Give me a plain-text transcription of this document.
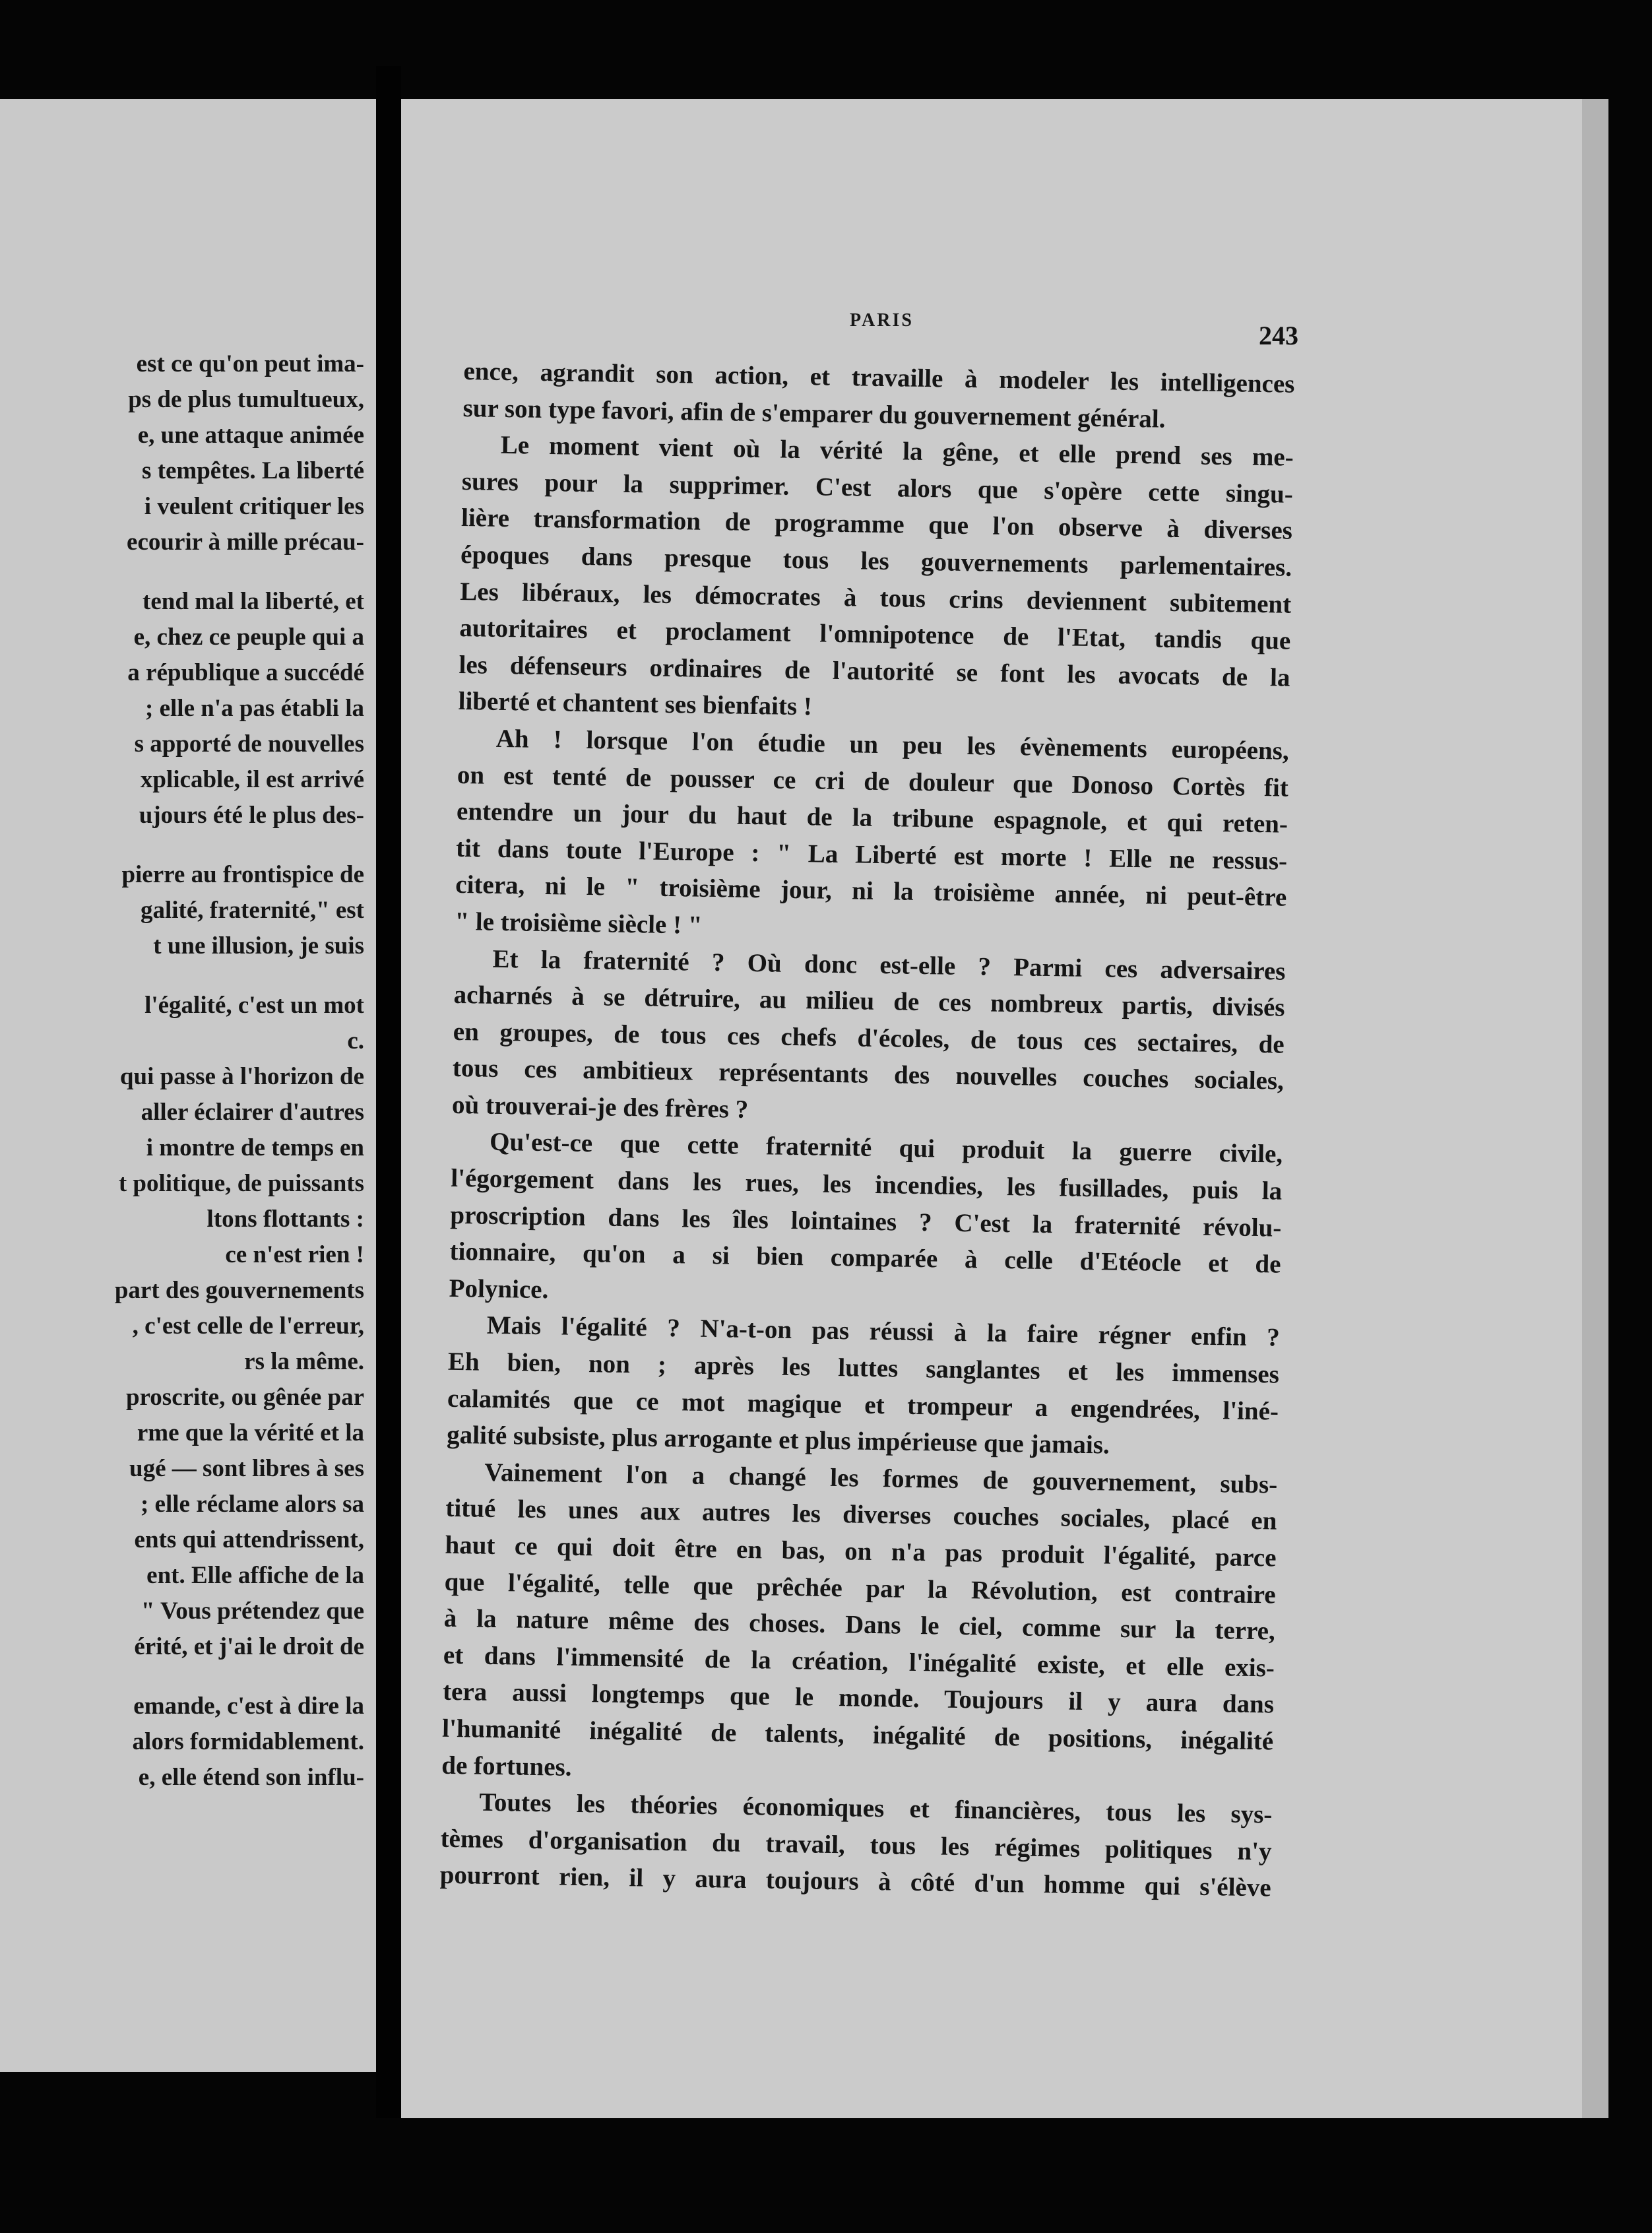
est ce qu'on peut ima-
ps de plus tumultueux,
e, une attaque animée
s tempêtes. La liberté
i veulent critiquer les
ecourir à mille précau-
tend mal la liberté, et
e, chez ce peuple qui a
a république a succédé
; elle n'a pas établi la
s apporté de nouvelles
xplicable, il est arrivé
ujours été le plus des-
pierre au frontispice de
galité, fraternité," est
t une illusion, je suis
l'égalité, c'est un mot
c.
qui passe à l'horizon de
aller éclairer d'autres
i montre de temps en
t politique, de puissants
ltons flottants :
ce n'est rien !
part des gouvernements
, c'est celle de l'erreur,
rs la même.
proscrite, ou gênée par
rme que la vérité et la
ugé — sont libres à ses
; elle réclame alors sa
ents qui attendrissent,
ent. Elle affiche de la
" Vous prétendez que
érité, et j'ai le droit de
emande, c'est à dire la
alors formidablement.
e, elle étend son influ-
PARIS
243
ence, agrandit son action, et travaille à modeler les intelligences
sur son type favori, afin de s'emparer du gouvernement général.
Le moment vient où la vérité la gêne, et elle prend ses me-
sures pour la supprimer. C'est alors que s'opère cette singu-
lière transformation de programme que l'on observe à diverses
époques dans presque tous les gouvernements parlementaires.
Les libéraux, les démocrates à tous crins deviennent subitement
autoritaires et proclament l'omnipotence de l'Etat, tandis que
les défenseurs ordinaires de l'autorité se font les avocats de la
liberté et chantent ses bienfaits !
Ah ! lorsque l'on étudie un peu les évènements européens,
on est tenté de pousser ce cri de douleur que Donoso Cortès fit
entendre un jour du haut de la tribune espagnole, et qui reten-
tit dans toute l'Europe : " La Liberté est morte ! Elle ne ressus-
citera, ni le " troisième jour, ni la troisième année, ni peut-être
" le troisième siècle ! "
Et la fraternité ? Où donc est-elle ? Parmi ces adversaires
acharnés à se détruire, au milieu de ces nombreux partis, divisés
en groupes, de tous ces chefs d'écoles, de tous ces sectaires, de
tous ces ambitieux représentants des nouvelles couches sociales,
où trouverai-je des frères ?
Qu'est-ce que cette fraternité qui produit la guerre civile,
l'égorgement dans les rues, les incendies, les fusillades, puis la
proscription dans les îles lointaines ? C'est la fraternité révolu-
tionnaire, qu'on a si bien comparée à celle d'Etéocle et de
Polynice.
Mais l'égalité ? N'a-t-on pas réussi à la faire régner enfin ?
Eh bien, non ; après les luttes sanglantes et les immenses
calamités que ce mot magique et trompeur a engendrées, l'iné-
galité subsiste, plus arrogante et plus impérieuse que jamais.
Vainement l'on a changé les formes de gouvernement, subs-
titué les unes aux autres les diverses couches sociales, placé en
haut ce qui doit être en bas, on n'a pas produit l'égalité, parce
que l'égalité, telle que prêchée par la Révolution, est contraire
à la nature même des choses. Dans le ciel, comme sur la terre,
et dans l'immensité de la création, l'inégalité existe, et elle exis-
tera aussi longtemps que le monde. Toujours il y aura dans
l'humanité inégalité de talents, inégalité de positions, inégalité
de fortunes.
Toutes les théories économiques et financières, tous les sys-
tèmes d'organisation du travail, tous les régimes politiques n'y
pourront rien, il y aura toujours à côté d'un homme qui s'élève
